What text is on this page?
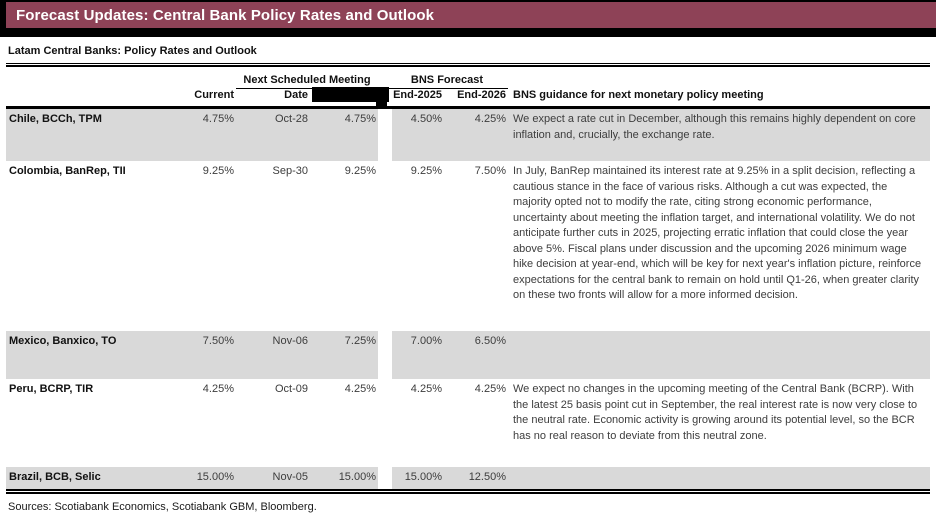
Forecast Updates: Central Bank Policy Rates and Outlook
Latam Central Banks: Policy Rates and Outlook
Next Scheduled Meeting	BNS Forecast
Current	Date	End-2025	End-2026 BNS guidance for next monetary policy meeting
Chile, BCCh, TPM	4.75%	Oct-28	4.75%	4.50%	4.25% We expect a rate cut in December, although this remains highly dependent on core inflation and, crucially, the exchange rate.
Colombia, BanRep, TII	9.25%	Sep-30	9.25%	9.25%	7.50% In July, BanRep maintained its interest rate at 9.25% in a split decision, reflecting a cautious stance in the face of various risks. Although a cut was expected, the majority opted not to modify the rate, citing strong economic performance, uncertainty about meeting the inflation target, and international volatility. We do not anticipate further cuts in 2025, projecting erratic inflation that could close the year above 5%. Fiscal plans under discussion and the upcoming 2026 minimum wage hike decision at year-end, which will be key for next year's inflation picture, reinforce expectations for the central bank to remain on hold until Q1-26, when greater clarity on these two fronts will allow for a more informed decision.
Mexico, Banxico, TO	7.50%	Nov-06	7.25%	7.00%	6.50%
Peru, BCRP, TIR	4.25%	Oct-09	4.25%	4.25%	4.25% We expect no changes in the upcoming meeting of the Central Bank (BCRP). With the latest 25 basis point cut in September, the real interest rate is now very close to the neutral rate. Economic activity is growing around its potential level, so the BCR has no real reason to deviate from this neutral zone.
Brazil, BCB, Selic	15.00%	Nov-05	15.00%	15.00%	12.50%
Sources: Scotiabank Economics, Scotiabank GBM, Bloomberg.
